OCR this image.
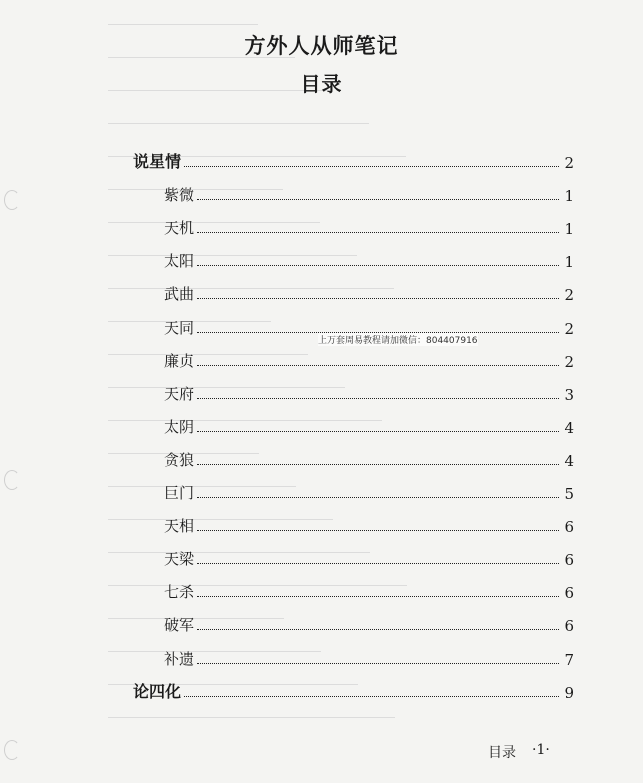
方外人从师笔记
目录
说星情	2
紫微	1
天机	1
太阳	1
武曲	2
天同	2
廉贞	2
天府	3
太阴	4
贪狼	4
巨门	5
天相	6
天梁	6
七杀	6
破军	6
补遗	7
论四化	9
上万套周易教程请加微信：804407916
目录 ·1·
